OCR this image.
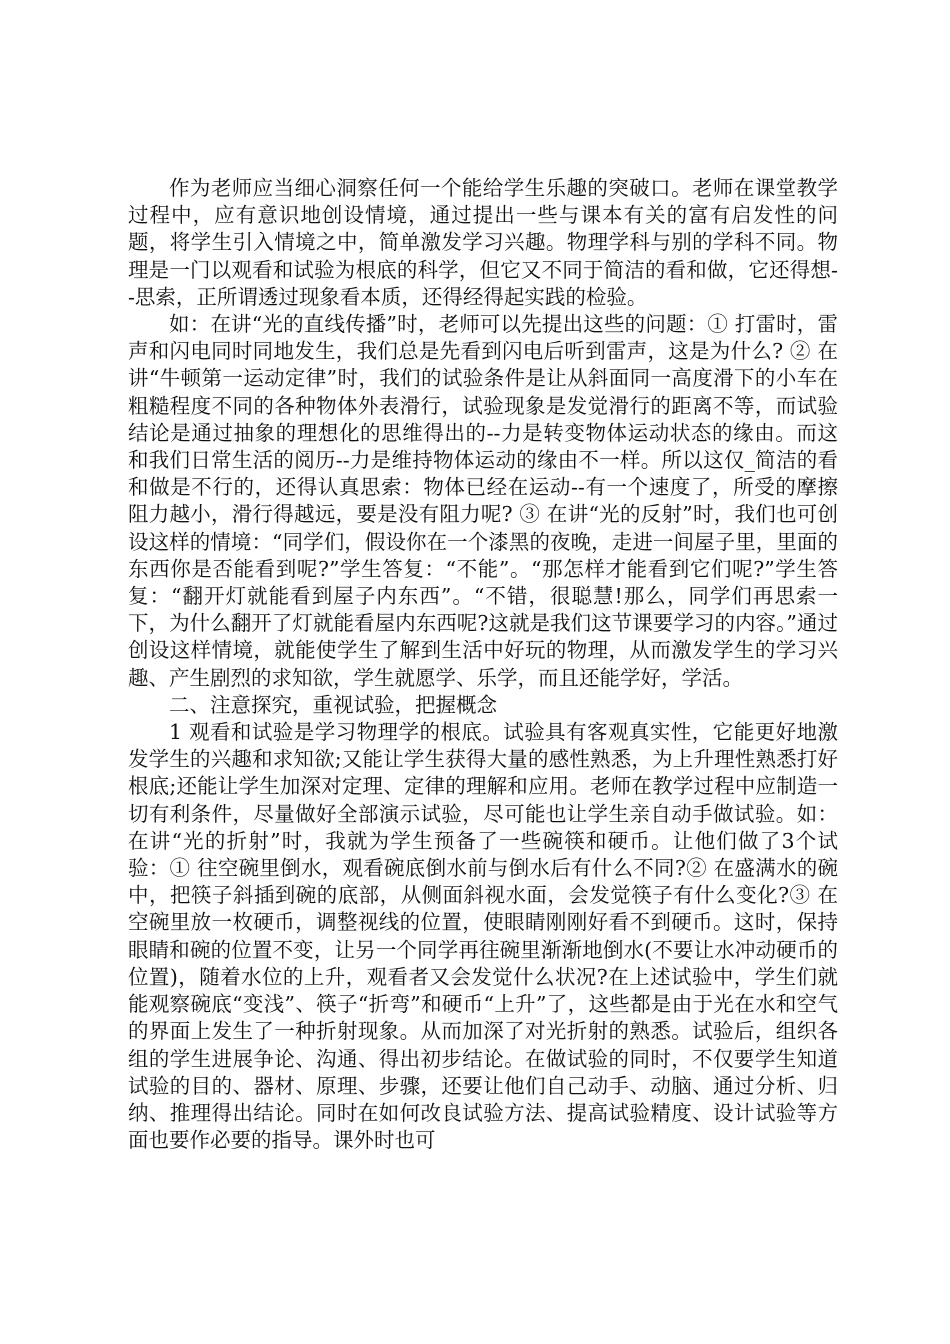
作为老师应当细心洞察任何一个能给学生乐趣的突破口。老师在课堂教学过程中，应有意识地创设情境，通过提出一些与课本有关的富有启发性的问题，将学生引入情境之中，简单激发学习兴趣。物理学科与别的学科不同。物理是一门以观看和试验为根底的科学，但它又不同于简洁的看和做，它还得想--思索，正所谓透过现象看本质，还得经得起实践的检验。

如：在讲“光的直线传播”时，老师可以先提出这些的问题：① 打雷时，雷声和闪电同时同地发生，我们总是先看到闪电后听到雷声，这是为什么? ② 在讲“牛顿第一运动定律”时，我们的试验条件是让从斜面同一高度滑下的小车在粗糙程度不同的各种物体外表滑行，试验现象是发觉滑行的距离不等，而试验结论是通过抽象的理想化的思维得出的--力是转变物体运动状态的缘由。而这和我们日常生活的阅历--力是维持物体运动的缘由不一样。所以这仅_简洁的看和做是不行的，还得认真思索：物体已经在运动--有一个速度了，所受的摩擦阻力越小，滑行得越远，要是没有阻力呢? ③ 在讲“光的反射”时，我们也可创设这样的情境：“同学们，假设你在一个漆黑的夜晚，走进一间屋子里，里面的东西你是否能看到呢?”学生答复：“不能”。“那怎样才能看到它们呢?”学生答复：“翻开灯就能看到屋子内东西”。“不错，很聪慧!那么，同学们再思索一下，为什么翻开了灯就能看屋内东西呢?这就是我们这节课要学习的内容。”通过创设这样情境，就能使学生了解到生活中好玩的物理，从而激发学生的学习兴趣、产生剧烈的求知欲，学生就愿学、乐学，而且还能学好，学活。

二、注意探究，重视试验，把握概念

1 观看和试验是学习物理学的根底。试验具有客观真实性，它能更好地激发学生的兴趣和求知欲;又能让学生获得大量的感性熟悉，为上升理性熟悉打好根底;还能让学生加深对定理、定律的理解和应用。老师在教学过程中应制造一切有利条件，尽量做好全部演示试验，尽可能也让学生亲自动手做试验。如：在讲“光的折射”时，我就为学生预备了一些碗筷和硬币。让他们做了3个试验：① 往空碗里倒水，观看碗底倒水前与倒水后有什么不同?② 在盛满水的碗中，把筷子斜插到碗的底部，从侧面斜视水面，会发觉筷子有什么变化?③ 在空碗里放一枚硬币，调整视线的位置，使眼睛刚刚好看不到硬币。这时，保持眼睛和碗的位置不变，让另一个同学再往碗里渐渐地倒水(不要让水冲动硬币的位置)，随着水位的上升，观看者又会发觉什么状况?在上述试验中，学生们就能观察碗底“变浅”、筷子“折弯”和硬币“上升”了，这些都是由于光在水和空气的界面上发生了一种折射现象。从而加深了对光折射的熟悉。试验后，组织各组的学生进展争论、沟通、得出初步结论。在做试验的同时，不仅要学生知道试验的目的、器材、原理、步骤，还要让他们自己动手、动脑、通过分析、归纳、推理得出结论。同时在如何改良试验方法、提高试验精度、设计试验等方面也要作必要的指导。课外时也可
